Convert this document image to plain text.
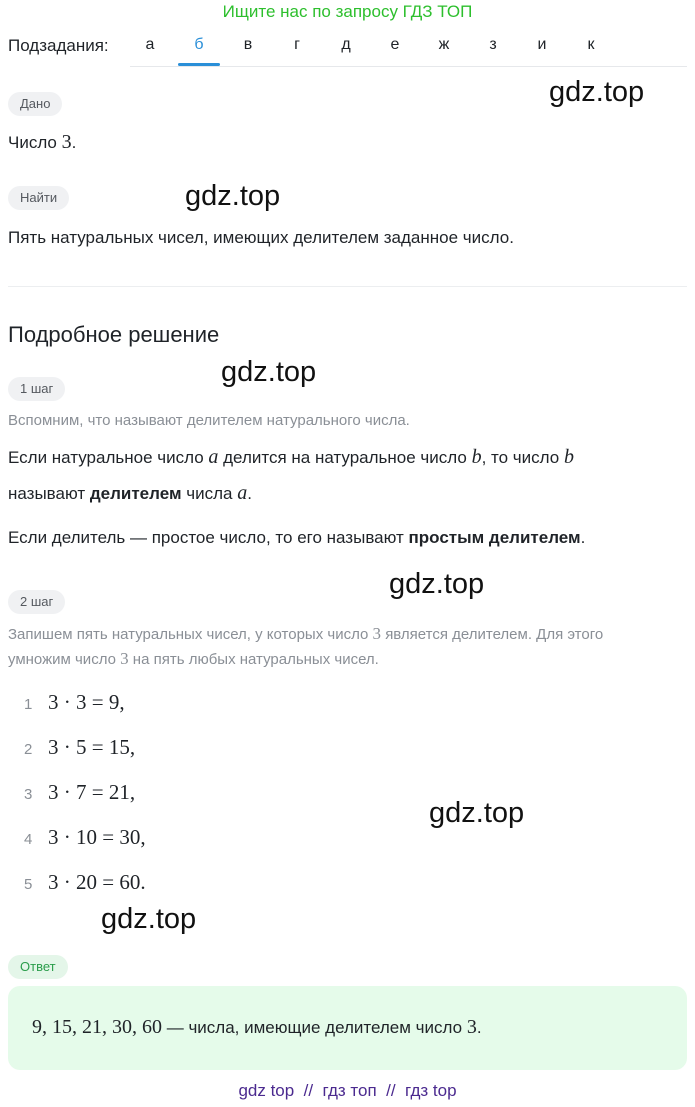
Ищите нас по запросу ГДЗ ТОП
Подзадания:	а	б	в	г	д	е	ж	з	и	к
Дано
Число 3.
Найти
Пять натуральных чисел, имеющих делителем заданное число.
Подробное решение
1 шаг
Вспомним, что называют делителем натурального числа.
Если натуральное число a делится на натуральное число b, то число b
называют делителем числа a.
Если делитель — простое число, то его называют простым делителем.
2 шаг
Запишем пять натуральных чисел, у которых число 3 является делителем. Для этого
умножим число 3 на пять любых натуральных чисел.
1 3 · 3 = 9,
2 3 · 5 = 15,
3 3 · 7 = 21,
4 3 · 10 = 30,
5 3 · 20 = 60.
Ответ
9, 15, 21, 30, 60 — числа, имеющие делителем число 3.
gdz.top
gdz.top
gdz.top
gdz.top
gdz.top
gdz.top
gdz top  //  гдз топ  //  гдз top
